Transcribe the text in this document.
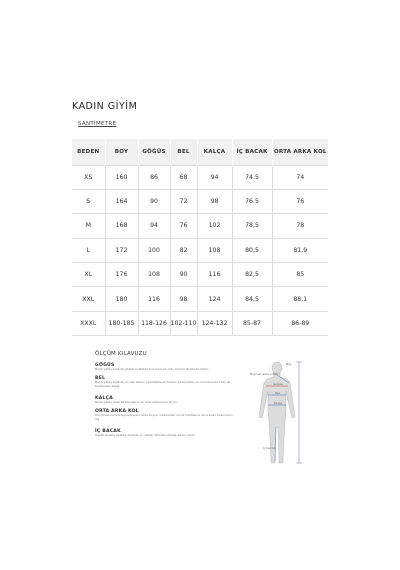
KADIN GİYİM
SANTİMETRE
BEDEN	BOY	GÖĞÜS	BEL	KALÇA	İÇ BACAK	ORTA ARKA KOL
XS	160	86	68	94	74.5	74
S	164	90	72	98	76.5	76
M	168	94	76	102	78,5	78
L	172	100	82	108	80,5	81,9
XL	176	108	90	116	82,5	85
XXL	180	116	98	124	84,5	88,1
XXXL	180-185	118-126	102-110	124-132	85-87	86-89
ÖLÇÜM KILAVUZU
GÖĞÜS
Bantı yatay tutarak göğüs noktaları boyunca en dolu bölüm etrafında ölçün.
BEL
Bantı yatay tutarak en dar bölüm (genellikle örtmüzün biraz bizim ve vücudunuzun her iki tarafından aşağı
KALÇA
Bantı yatay tutarak kalçaların en dolu bölümünü ölçün.
ORTA ARKA KOL
Kol dirsek bir pozisyondayken, arka boyun ortasından omuz noktasına ve oradan kolunuzun dış
İÇ BACAK
Çıplak ayakla ayakta durarak iç çatalın altından bileğe kadar ölçün.
Boy
Boynun arka ortası
Göğüs
Bel
Kalça
İç bacak
